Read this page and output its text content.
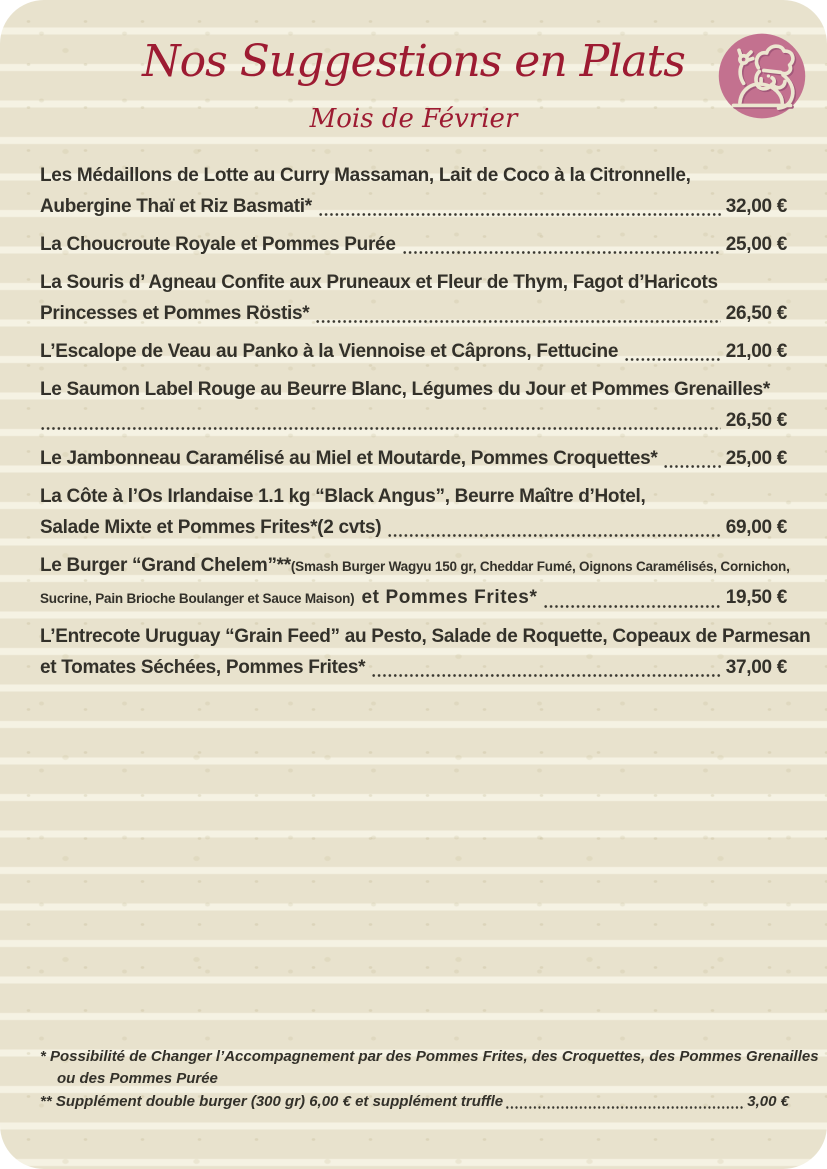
Nos Suggestions en Plats
Mois de Février
Les Médaillons de Lotte au Curry Massaman, Lait de Coco à la Citronnelle,
Aubergine Thaï et Riz Basmati*	32,00 €
La Choucroute Royale et Pommes Purée	25,00 €
La Souris d’ Agneau Confite aux Pruneaux et Fleur de Thym, Fagot d’Haricots
Princesses et Pommes Röstis*	26,50 €
L’Escalope de Veau au Panko à la Viennoise et Câprons, Fettucine	21,00 €
Le Saumon Label Rouge au Beurre Blanc, Légumes du Jour et Pommes Grenailles*
26,50 €
Le Jambonneau Caramélisé au Miel et Moutarde, Pommes Croquettes*	25,00 €
La Côte à l’Os Irlandaise 1.1 kg “Black Angus”, Beurre Maître d’Hotel,
Salade Mixte et Pommes Frites*(2 cvts)	69,00 €
Le Burger “Grand Chelem”**(Smash Burger Wagyu 150 gr, Cheddar Fumé, Oignons Caramélisés, Cornichon,
Sucrine, Pain Brioche Boulanger et Sauce Maison) et Pommes Frites*	19,50 €
L’Entrecote Uruguay “Grain Feed” au Pesto, Salade de Roquette, Copeaux de Parmesan
et Tomates Séchées, Pommes Frites*	37,00 €
* Possibilité de Changer l’Accompagnement par des Pommes Frites, des Croquettes, des Pommes Grenailles
ou des Pommes Purée
** Supplément double burger (300 gr) 6,00 € et supplément truffle	3,00 €
